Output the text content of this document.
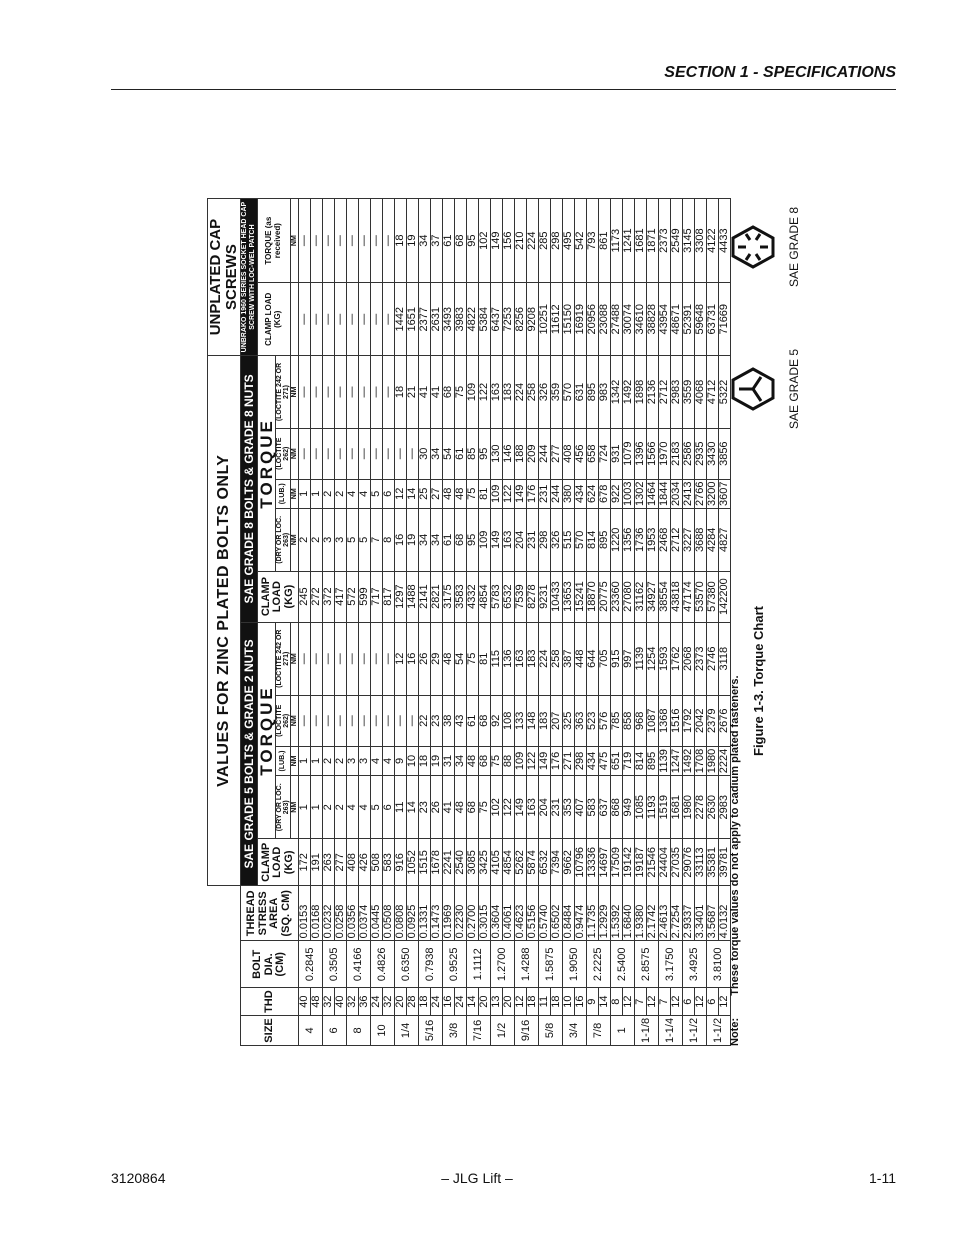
SECTION 1 - SPECIFICATIONS
				VALUES FOR ZINC PLATED BOLTS ONLY										UNPLATED CAP SCREWS	
SIZE	THD	BOLT DIA. (CM)	THREAD STRESS AREA (SQ. CM)	SAE GRADE 5 BOLTS & GRADE 2 NUTS					SAE GRADE 8 BOLTS & GRADE 8 NUTS					UNBRAKO 1960 SERIES SOCKET HEAD CAP SCREW WITH LOC-WEL PATCH	
				CLAMP LOAD (KG)	TORQUE				CLAMP LOAD (KG)	TORQUE				CLAMP LOAD (KG)	TORQUE (as received)
					(DRY OR LOC. 263)	(LUB.)	(LOCTITE 262)	(LOCTITE 242 OR 271)		(DRY OR LOC. 263)	(LUB.)	(LOCTITE 262)	(LOCTITE 242 OR 271)		
					NM	NM	NM	NM		NM	NM	NM	NM		NM
4	40	0.2845	0.0153	172	1	1	—	—	245	2	1	—	—	—	—
	48		0.0168	191	1	1	—	—	272	2	1	—	—	—	—
6	32	0.3505	0.0232	263	2	2	—	—	372	3	2	—	—	—	—
	40		0.0258	277	2	2	—	—	417	3	2	—	—	—	—
8	32	0.4166	0.0356	408	4	3	—	—	572	5	4	—	—	—	—
	36		0.0374	426	4	3	—	—	599	5	4	—	—	—	—
10	24	0.4826	0.0445	508	5	4	—	—	717	7	5	—	—	—	—
	32		0.0508	583	6	4	—	—	817	8	6	—	—	—	—
1/4	20	0.6350	0.0808	916	11	9	—	12	1297	16	12	—	18	1442	18
	28		0.0925	1052	14	10	—	16	1488	19	14	—	21	1651	19
5/16	18	0.7938	0.1331	1515	23	18	22	26	2141	34	25	30	41	2377	34
	24		0.1473	1678	26	19	23	29	2821	34	27	34	41	2631	37
3/8	16	0.9525	0.1969	2241	41	31	38	48	3175	61	48	54	68	3493	61
	24		0.2230	2540	48	34	43	54	3583	68	48	61	75	3983	68
7/16	14	1.1112	0.2700	3085	68	48	61	75	4332	95	75	85	109	4822	95
	20		0.3015	3425	75	68	68	81	4854	109	81	95	122	5384	102
1/2	13	1.2700	0.3604	4105	102	75	92	115	5783	149	109	130	163	6437	149
	20		0.4061	4854	122	88	108	136	6532	163	122	146	183	7253	156
9/16	12	1.4288	0.4623	5262	149	109	133	163	7539	204	149	188	224	8256	210
	18		0.5156	5874	163	122	148	183	8278	231	176	209	258	9208	224
5/8	11	1.5875	0.5740	6532	204	149	183	224	9231	298	231	244	326	10251	285
	18		0.6502	7394	231	176	207	258	10433	326	244	277	359	11612	298
3/4	10	1.9050	0.8484	9662	353	271	325	387	13653	515	380	408	570	15150	495
	16		0.9474	10796	407	298	363	448	15241	570	434	456	631	16919	542
7/8	9	2.2225	1.1735	13336	583	434	523	644	18870	814	624	658	895	20956	793
	14		1.2929	14697	637	475	576	705	20775	895	678	724	983	23088	861
1	8	2.5400	1.5392	17509	868	651	785	915	23360	1220	922	931	1342	27488	1173
	12		1.6840	19142	949	719	858	997	27080	1356	1003	1079	1492	30074	1241
1-1/8	7	2.8575	1.9380	19187	1085	814	968	1139	31162	1736	1302	1396	1898	34610	1681
	12		2.1742	21546	1193	895	1087	1254	34927	1953	1464	1566	2136	38828	1871
1-1/4	7	3.1750	2.4613	24404	1519	1139	1368	1593	38554	2468	1844	1970	2712	43954	2373
	12		2.7254	27035	1681	1247	1516	1762	43818	2712	2034	2183	2983	48671	2549
1-1/2	6	3.4925	2.9337	29076	1980	1492	1792	2068	47174	3227	2413	2586	3559	52391	3145
	12		3.3401	33113	2278	1708	2042	2373	53570	3688	2766	2935	4068	59648	3308
1-1/2	6	3.8100	3.5687	35381	2630	1980	2379	2746	57380	4284	3200	3430	4712	63731	4122
	12		4.0132	39781	2983	2224	2676	3118	142200	4827	3607	3856	5322	71669	4433
Note:  These torque values do not apply to cadium plated fasteners. Figure 1-3. Torque Chart
SAE GRADE 5
SAE GRADE 8
3120864	– JLG Lift –	1-11
